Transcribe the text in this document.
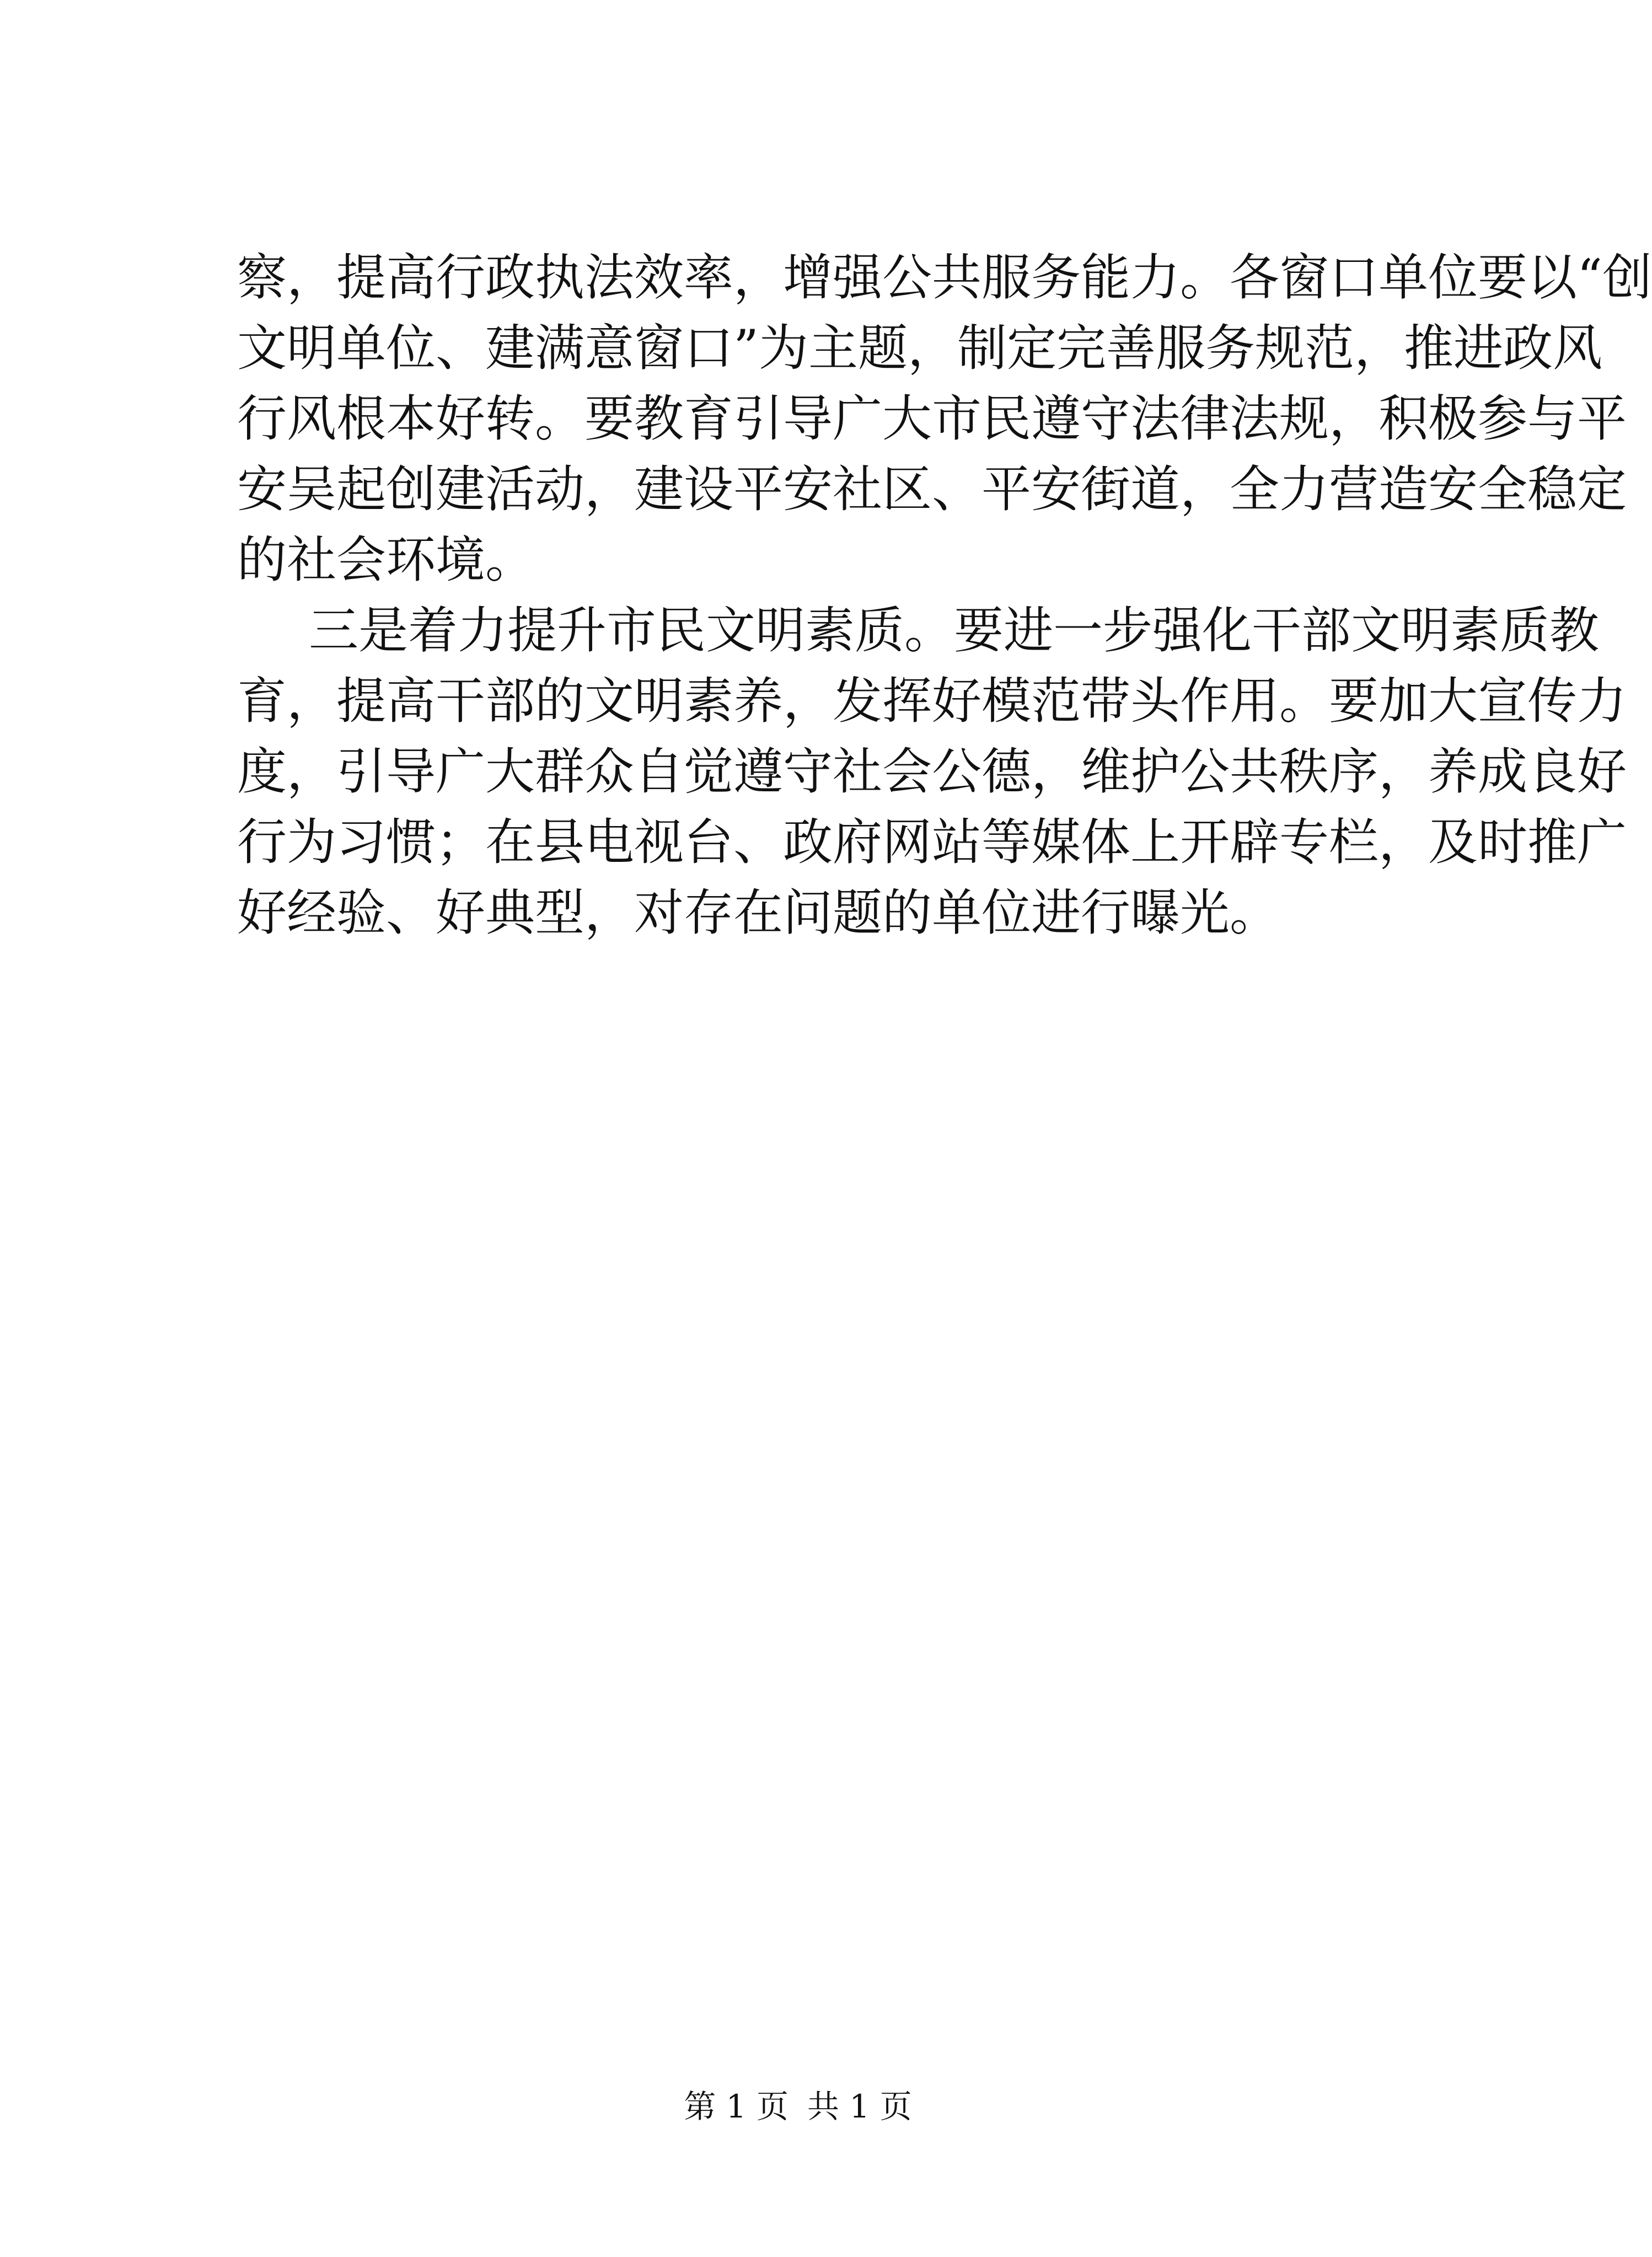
察 ， 提 高 行 政 执 法 效 率 ， 增 强 公 共 服 务 能 力 。 各 窗 口 单 位 要 以 “ 创
文 明 单 位 、 建 满 意 窗 口 ” 为 主 题 ， 制 定 完 善 服 务 规 范 ， 推 进 政 风
行 风 根 本 好 转 。 要 教 育 引 导 广 大 市 民 遵 守 法 律 法 规 ， 积 极 参 与 平
安 吴 起 创 建 活 动 ， 建 设 平 安 社 区 、 平 安 街 道 ， 全 力 营 造 安 全 稳 定
的社会环境。
三 是 着 力 提 升 市 民 文 明 素 质 。 要 进 一 步 强 化 干 部 文 明 素 质 教
育 ， 提 高 干 部 的 文 明 素 养 ， 发 挥 好 模 范 带 头 作 用 。 要 加 大 宣 传 力
度 ， 引 导 广 大 群 众 自 觉 遵 守 社 会 公 德 ， 维 护 公 共 秩 序 ， 养 成 良 好
行 为 习 惯 ； 在 县 电 视 台 、 政 府 网 站 等 媒 体 上 开 辟 专 栏 ， 及 时 推 广
好经验、好典型，对存在问题的单位进行曝光。
第 1 页 共 1 页
